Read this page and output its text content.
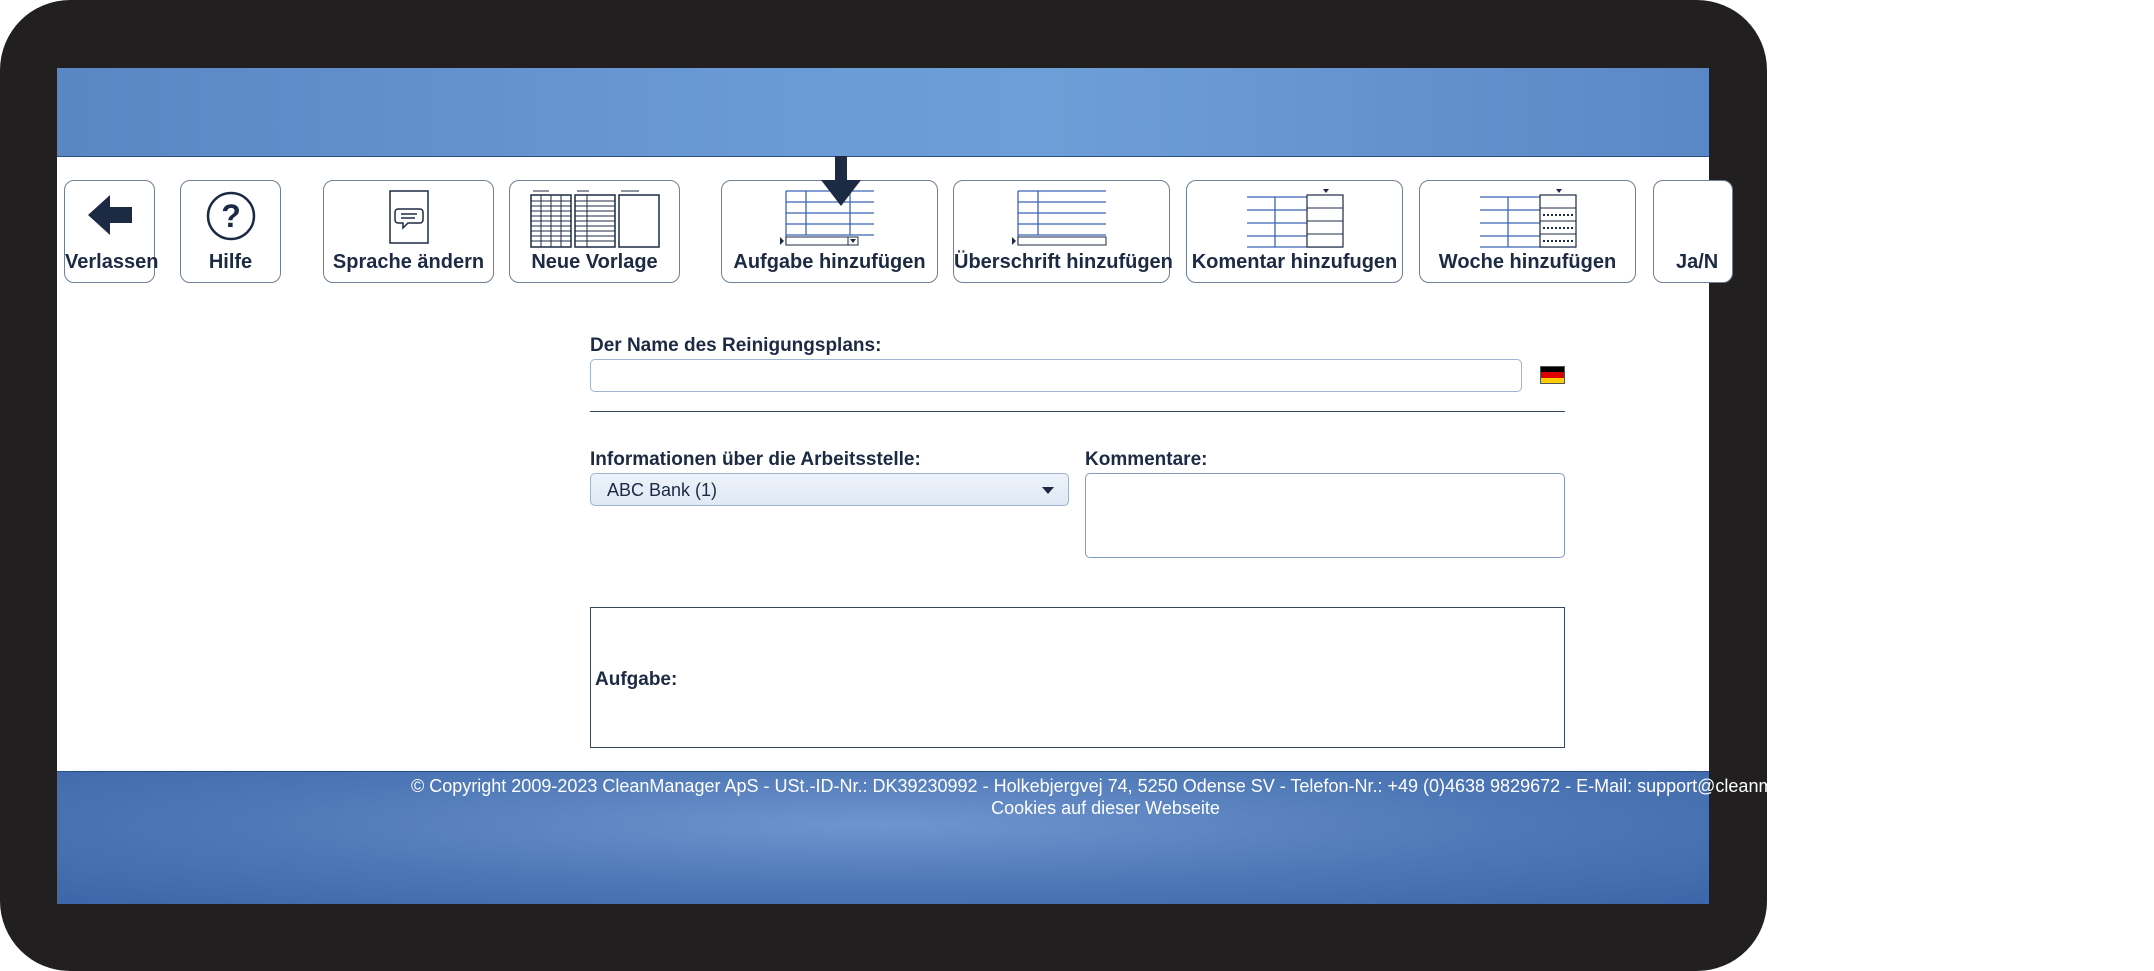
Verlassen
?
Hilfe	Sprache ändern	Neue Vorlage	Aufgabe hinzufügen	Überschrift hinzufügen Komentar hinzufugen	Woche hinzufügen	Ja/N
Der Name des Reinigungsplans:
Informationen über die Arbeitsstelle:
ABC Bank (1)
Kommentare:
Aufgabe:
© Copyright 2009-2023 CleanManager ApS - USt.-ID-Nr.: DK39230992 - Holkebjergvej 74, 5250 Odense SV - Telefon-Nr.: +49 (0)4638 9829672 - E-Mail: support@cleanma
Cookies auf dieser Webseite
